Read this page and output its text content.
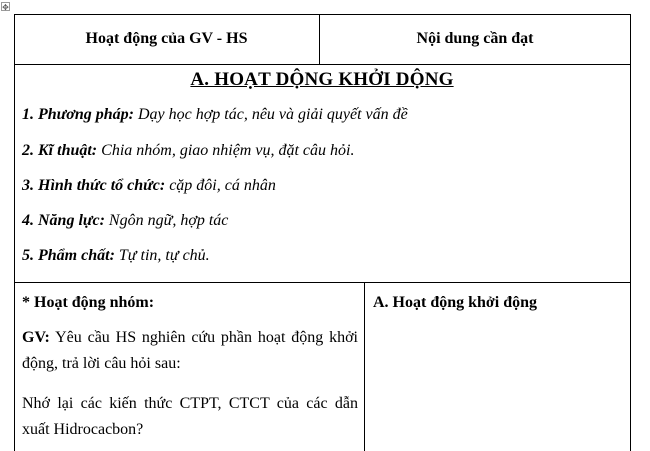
✥
Hoạt động của GV - HS	Nội dung cần đạt
A. HOẠT DỘNG KHỞI DỘNG
1. Phương pháp: Dạy học hợp tác, nêu và giải quyết vấn đề
2. Kĩ thuật: Chia nhóm, giao nhiệm vụ, đặt câu hỏi.
3. Hình thức tổ chức: cặp đôi, cá nhân
4. Năng lực: Ngôn ngữ, hợp tác
5. Phẩm chất: Tự tin, tự chủ.
* Hoạt động nhóm:
GV: Yêu cầu HS nghiên cứu phần hoạt động khởi động, trả lời câu hỏi sau:
Nhớ lại các kiến thức CTPT, CTCT của các dẫn xuất Hidrocacbon?
A. Hoạt động khởi động
